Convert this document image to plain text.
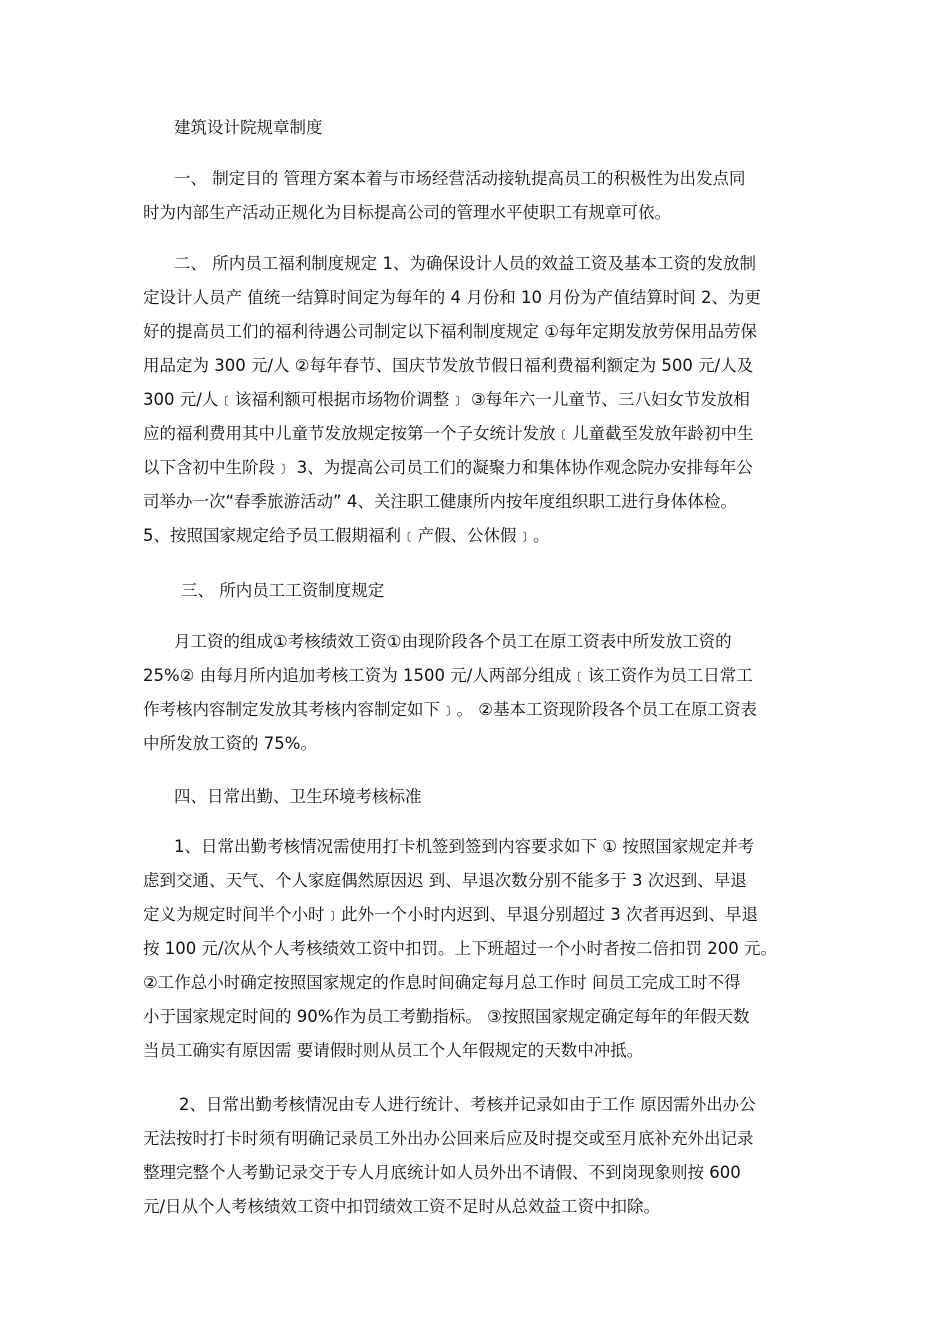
建筑设计院规章制度

一、 制定目的 管理方案本着与市场经营活动接轨提高员工的积极性为出发点同
时为内部生产活动正规化为目标提高公司的管理水平使职工有规章可依。

二、 所内员工福利制度规定 1、为确保设计人员的效益工资及基本工资的发放制
定设计人员产 值统一结算时间定为每年的 4 月份和 10 月份为产值结算时间 2、为更
好的提高员工们的福利待遇公司制定以下福利制度规定 ①每年定期发放劳保用品劳保
用品定为 300 元/人 ②每年春节、国庆节发放节假日福利费福利额定为 500 元/人及
300 元/人﹝该福利额可根据市场物价调整﹞ ③每年六一儿童节、三八妇女节发放相
应的福利费用其中儿童节发放规定按第一个子女统计发放﹝儿童截至发放年龄初中生
以下含初中生阶段﹞ 3、为提高公司员工们的凝聚力和集体协作观念院办安排每年公
司举办一次“春季旅游活动” 4、关注职工健康所内按年度组织职工进行身体体检。
5、按照国家规定给予员工假期福利﹝产假、公休假﹞。

三、 所内员工工资制度规定

月工资的组成①考核绩效工资①由现阶段各个员工在原工资表中所发放工资的
25%② 由每月所内追加考核工资为 1500 元/人两部分组成﹝该工资作为员工日常工
作考核内容制定发放其考核内容制定如下﹞。 ②基本工资现阶段各个员工在原工资表
中所发放工资的 75%。

四、日常出勤、卫生环境考核标准

1、日常出勤考核情况需使用打卡机签到签到内容要求如下 ① 按照国家规定并考
虑到交通、天气、个人家庭偶然原因迟 到、早退次数分别不能多于 3 次迟到、早退
定义为规定时间半个小时﹞此外一个小时内迟到、早退分别超过 3 次者再迟到、早退
按 100 元/次从个人考核绩效工资中扣罚。上下班超过一个小时者按二倍扣罚 200 元。
②工作总小时确定按照国家规定的作息时间确定每月总工作时 间员工完成工时不得
小于国家规定时间的 90%作为员工考勤指标。 ③按照国家规定确定每年的年假天数
当员工确实有原因需 要请假时则从员工个人年假规定的天数中冲抵。

2、日常出勤考核情况由专人进行统计、考核并记录如由于工作 原因需外出办公
无法按时打卡时须有明确记录员工外出办公回来后应及时提交或至月底补充外出记录
整理完整个人考勤记录交于专人月底统计如人员外出不请假、不到岗现象则按 600
元/日从个人考核绩效工资中扣罚绩效工资不足时从总效益工资中扣除。
